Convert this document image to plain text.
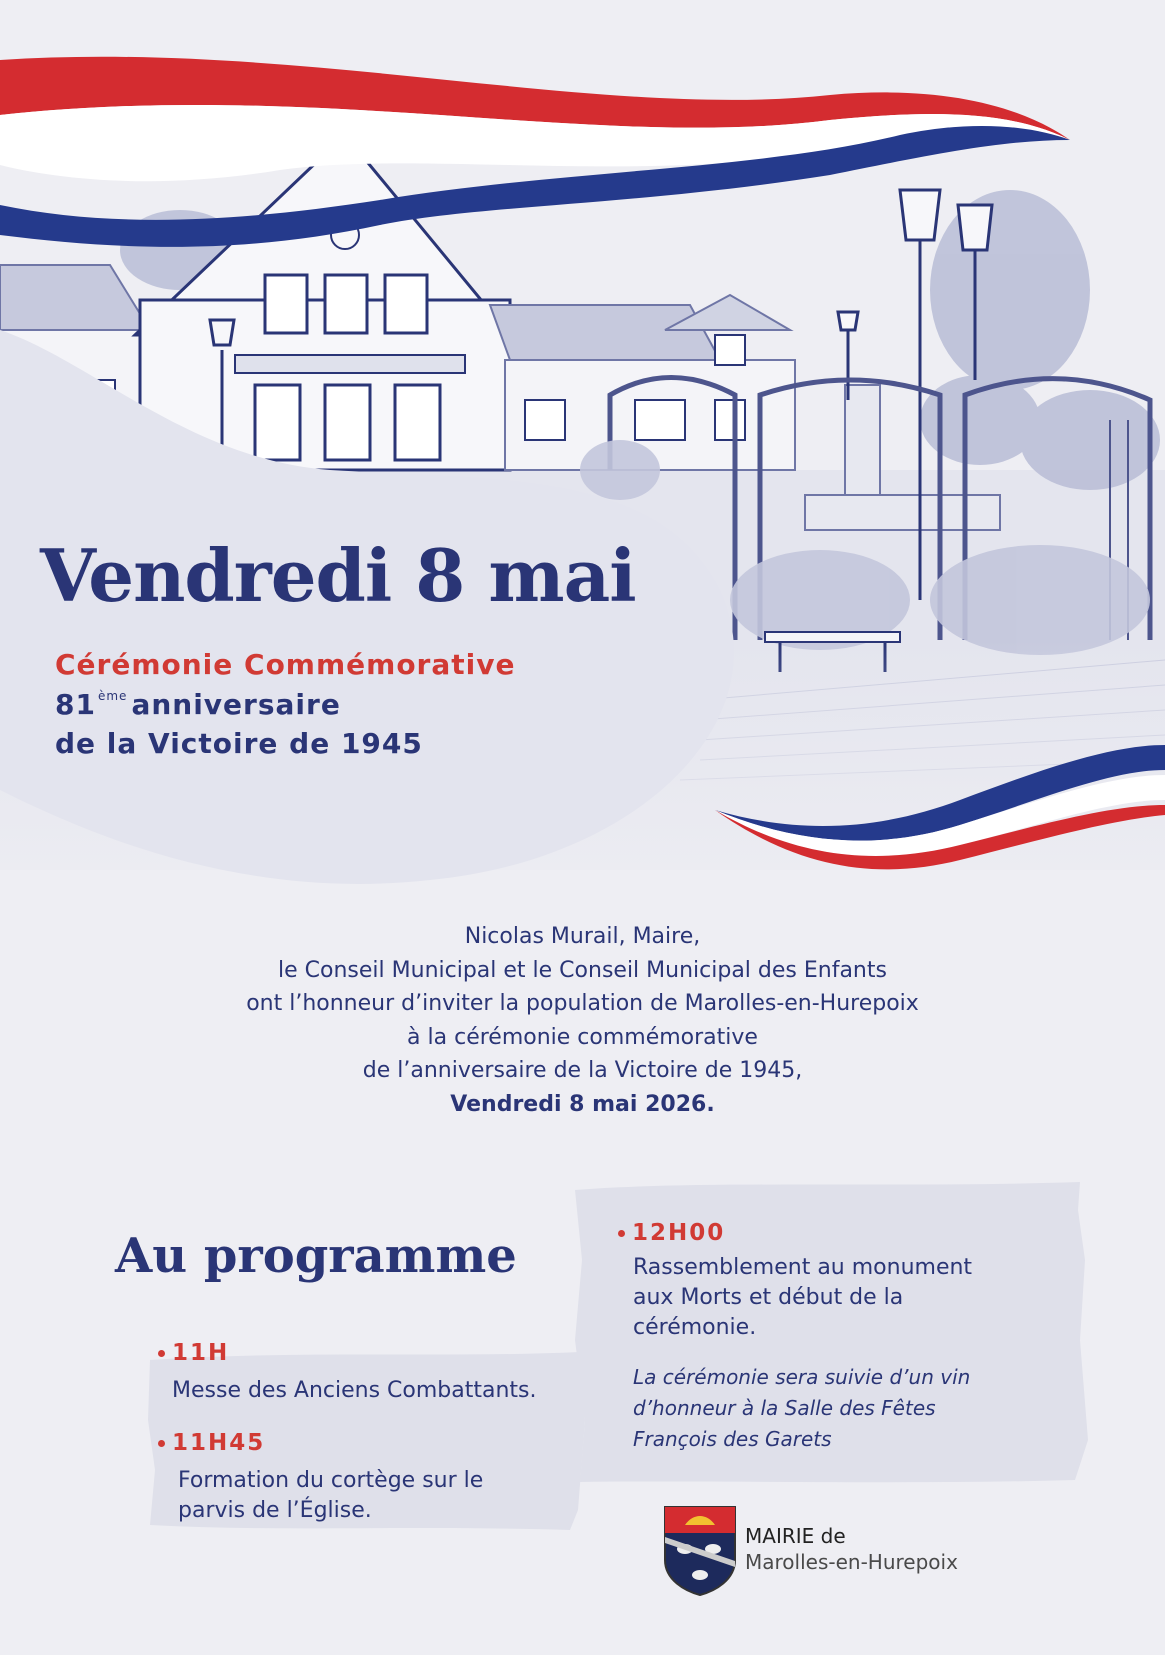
Vendredi 8 mai
Cérémonie Commémorative
81 $^{ème}$ anniversaire
de la Victoire de 1945
Nicolas Murail, Maire,
le Conseil Municipal et le Conseil Municipal des Enfants
ont l’honneur d’inviter la population de Marolles-en-Hurepoix
à la cérémonie commémorative
de l’anniversaire de la Victoire de 1945,
Vendredi 8 mai 2026.
Au programme
11H
Messe des Anciens Combattants.
11H45
Formation du cortège sur le
parvis de l’Église.
12H00
Rassemblement au monument
aux Morts et début de la
cérémonie.
La cérémonie sera suivie d’un vin
d’honneur à la Salle des Fêtes
François des Garets
MAIRIE de
Marolles-en-Hurepoix
